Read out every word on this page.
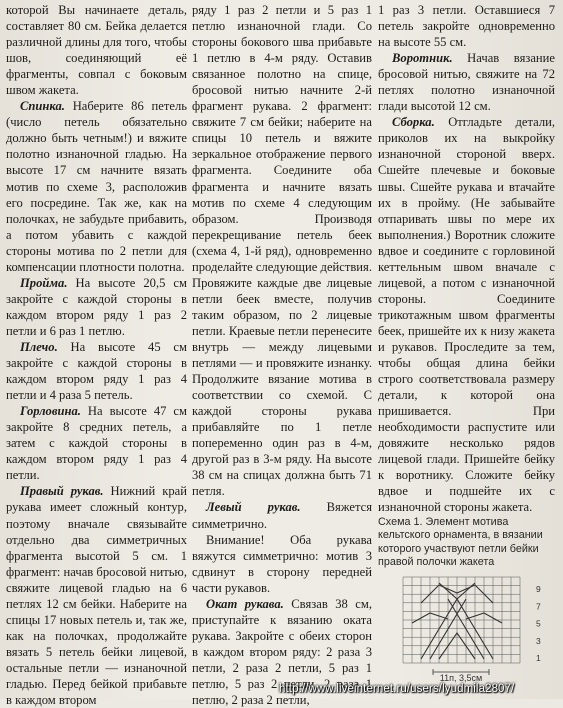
которой Вы начинаете деталь, составляет 80 см. Бейка делается различной длины для того, чтобы шов, соединяющий её фрагменты, совпал с боковым швом жакета.

Спинка. Наберите 86 петель (число петель обязательно должно быть четным!) и вяжите полотно изнаночной гладью. На высоте 17 см начните вязать мотив по схеме 3, расположив его посредине. Так же, как на полочках, не забудьте прибавить, а потом убавить с каждой стороны мотива по 2 петли для компенсации плотности полотна.

Пройма. На высоте 20,5 см закройте с каждой стороны в каждом втором ряду 1 раз 2 петли и 6 раз 1 петлю.

Плечо. На высоте 45 см закройте с каждой стороны в каждом втором ряду 1 раз 4 петли и 4 раза 5 петель.

Горловина. На высоте 47 см закройте 8 средних петель, а затем с каждой стороны в каждом втором ряду 1 раз 4 петли.

Правый рукав. Нижний край рукава имеет сложный контур, поэтому вначале связывайте отдельно два симметричных фрагмента высотой 5 см. 1 фрагмент: начав бросовой нитью, свяжите лицевой гладью на 6 петлях 12 см бейки. Наберите на спицы 17 новых петель и, так же, как на полочках, продолжайте вязать 5 петель бейки лицевой, остальные петли — изнаночной гладью. Перед бейкой прибавьте в каждом втором

ряду 1 раз 2 петли и 5 раз 1 петлю изнаночной глади. Со стороны бокового шва прибавьте 1 петлю в 4-м ряду. Оставив связанное полотно на спице, бросовой нитью начните 2-й фрагмент рукава. 2 фрагмент: свяжите 7 см бейки; наберите на спицы 10 петель и вяжите зеркальное отображение первого фрагмента. Соедините оба фрагмента и начните вязать мотив по схеме 4 следующим образом. Производя перекрещивание петель беек (схема 4, 1-й ряд), одновременно проделайте следующие действия. Провяжите каждые две лицевые петли беек вместе, получив таким образом, по 2 лицевые петли. Краевые петли перенесите внутрь — между лицевыми петлями — и провяжите изнанку. Продолжите вязание мотива в соответствии со схемой. С каждой стороны рукава прибавляйте по 1 петле попеременно один раз в 4-м, другой раз в 3-м ряду. На высоте 38 см на спицах должна быть 71 петля.

Левый рукав. Вяжется симметрично.

Внимание! Оба рукава вяжутся симметрично: мотив 3 сдвинут в сторону передней части рукавов.

Окат рукава. Связав 38 см, приступайте к вязанию оката рукава. Закройте с обеих сторон в каждом втором ряду: 2 раза 3 петли, 2 раза 2 петли, 5 раз 1 петлю, 5 раз 2 петли, 2 раза 1 петлю, 2 раза 2 петли,

1 раз 3 петли. Оставшиеся 7 петель закройте одновременно на высоте 55 см.

Воротник. Начав вязание бросовой нитью, свяжите на 72 петлях полотно изнаночной глади высотой 12 см.

Сборка. Отгладьте детали, приколов их на выкройку изнаночной стороной вверх. Сшейте плечевые и боковые швы. Сшейте рукава и втачайте их в пройму. (Не забывайте отпаривать швы по мере их выполнения.) Воротник сложите вдвое и соедините с горловиной кеттельным швом вначале с лицевой, а потом с изнаночной стороны. Соедините трикотажным швом фрагменты беек, пришейте их к низу жакета и рукавов. Проследите за тем, чтобы общая длина бейки строго соответствовала размеру детали, к которой она пришивается. При необходимости распустите или довяжите несколько рядов лицевой глади. Пришейте бейку к воротнику. Сложите бейку вдвое и подшейте их с изнаночной стороны жакета.

Схема 1. Элемент мотива кельтского орнамента, в вязании которого участвуют петли бейки правой полочки жакета

9
7
5
3
1
11п, 3,5см
http://www.liveinternet.ru/users/lyudmila2807/
